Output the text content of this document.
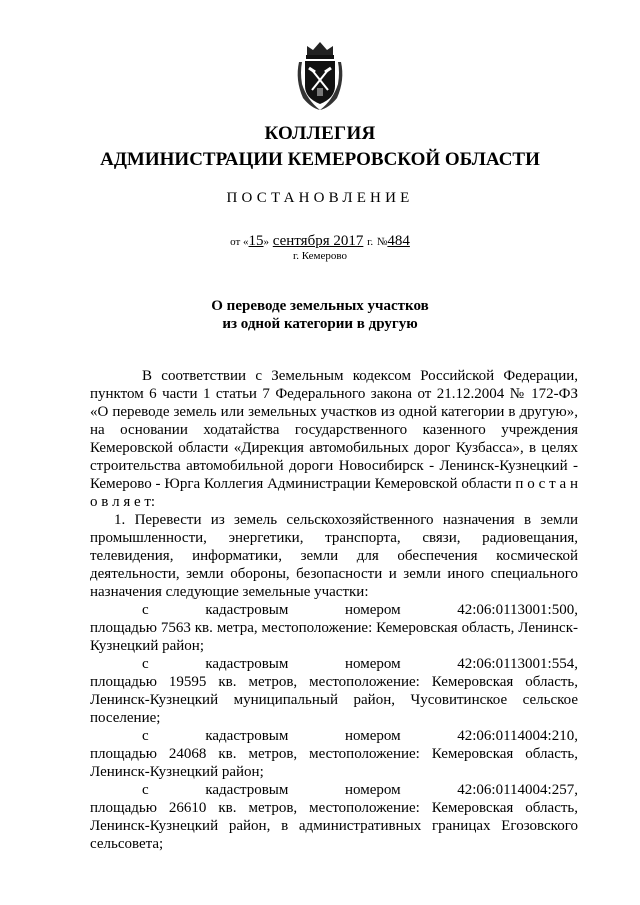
КОЛЛЕГИЯ
АДМИНИСТРАЦИИ КЕМЕРОВСКОЙ ОБЛАСТИ
ПОСТАНОВЛЕНИЕ
от «15» сентября 2017 г. №484
г. Кемерово
О переводе земельных участков
из одной категории в другую

В соответствии с Земельным кодексом Российской Федерации, пунктом 6 части 1 статьи 7 Федерального закона от 21.12.2004 № 172-ФЗ «О переводе земель или земельных участков из одной категории в другую», на основании ходатайства государственного казенного учреждения Кемеровской области «Дирекция автомобильных дорог Кузбасса», в целях строительства автомобильной дороги Новосибирск - Ленинск-Кузнецкий - Кемерово - Юрга Коллегия Администрации Кемеровской области п о с т а н о в л я е т:

1. Перевести из земель сельскохозяйственного назначения в земли промышленности, энергетики, транспорта, связи, радиовещания, телевидения, информатики, земли для обеспечения космической деятельности, земли обороны, безопасности и земли иного специального назначения следующие земельные участки:

с	кадастровым	номером	42:06:0113001:500,

площадью 7563 кв. метра, местоположение: Кемеровская область, Ленинск-Кузнецкий район;

с	кадастровым	номером	42:06:0113001:554,

площадью 19595 кв. метров, местоположение: Кемеровская область, Ленинск-Кузнецкий муниципальный район, Чусовитинское сельское поселение;

с	кадастровым	номером	42:06:0114004:210,

площадью 24068 кв. метров, местоположение: Кемеровская область, Ленинск-Кузнецкий район;

с	кадастровым	номером	42:06:0114004:257,

площадью 26610 кв. метров, местоположение: Кемеровская область, Ленинск-Кузнецкий район, в административных границах Егозовского сельсовета;
